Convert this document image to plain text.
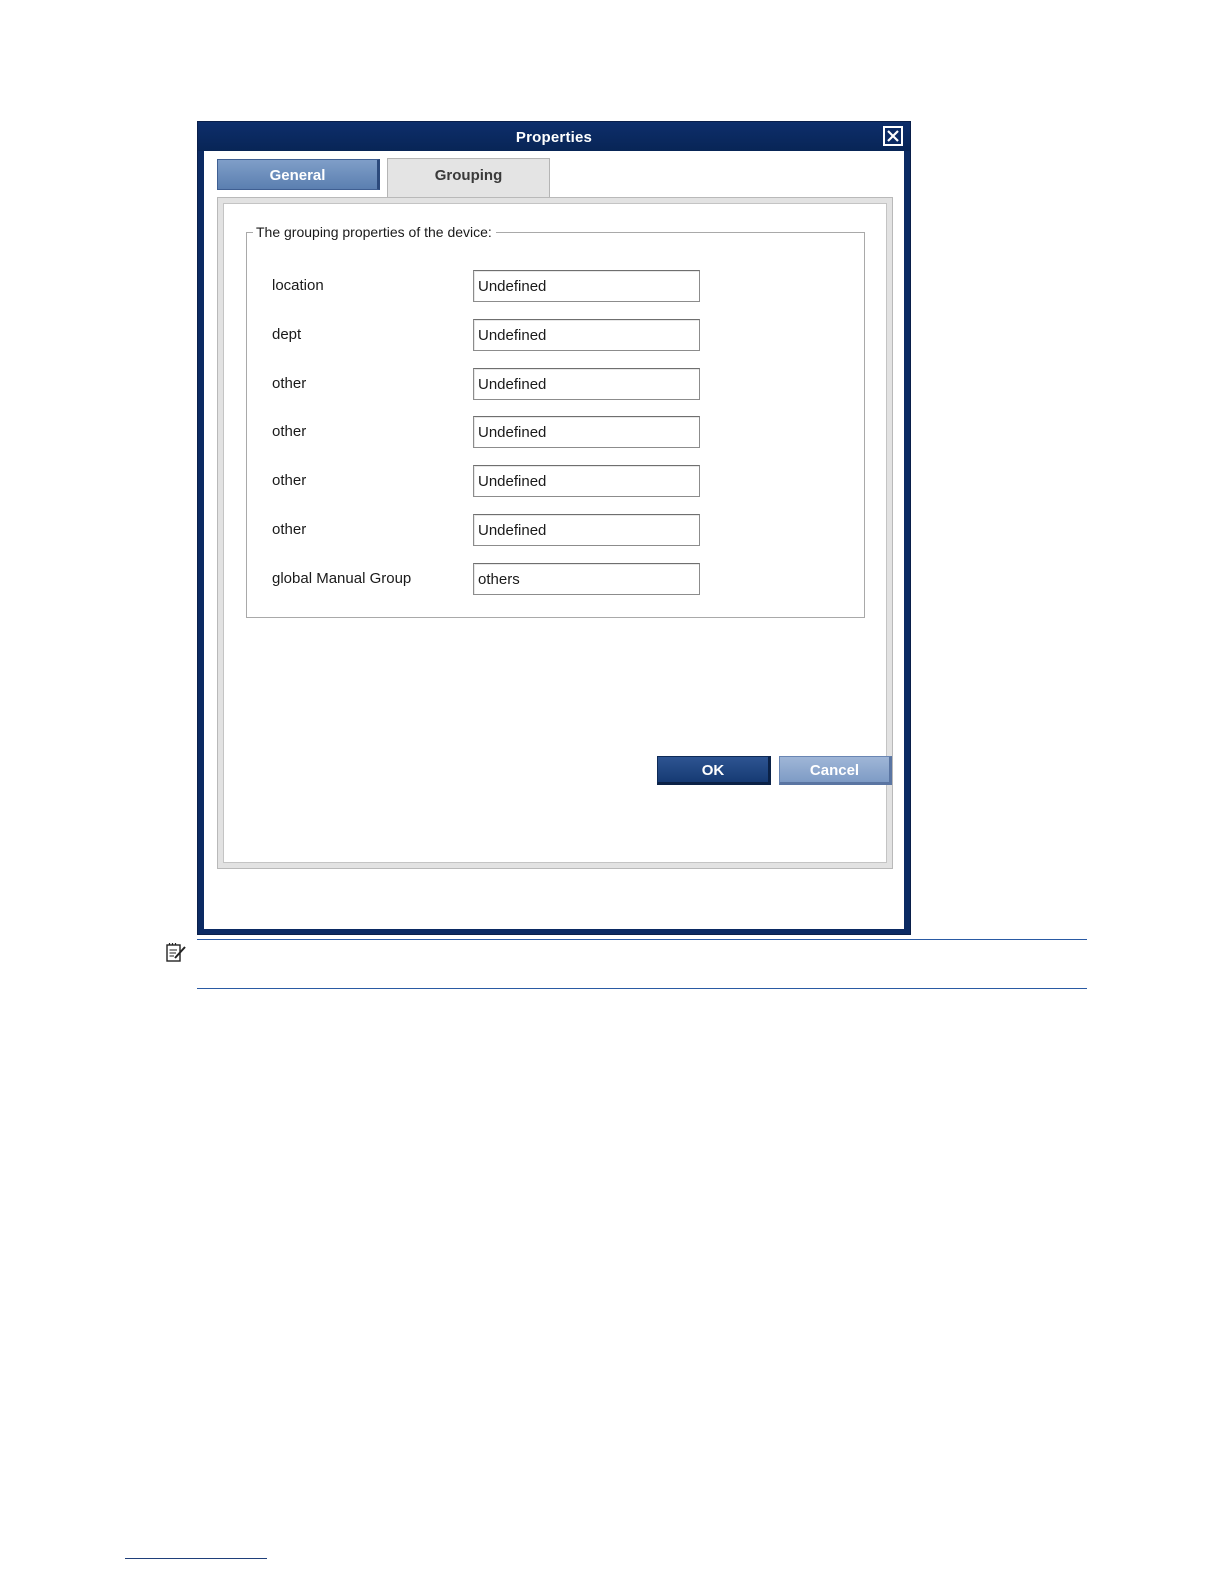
Properties
General	Grouping
The grouping properties of the device:
location
Undefined
dept
Undefined
other
Undefined
other
Undefined
other
Undefined
other
Undefined
global Manual Group
others
OK	Cancel
